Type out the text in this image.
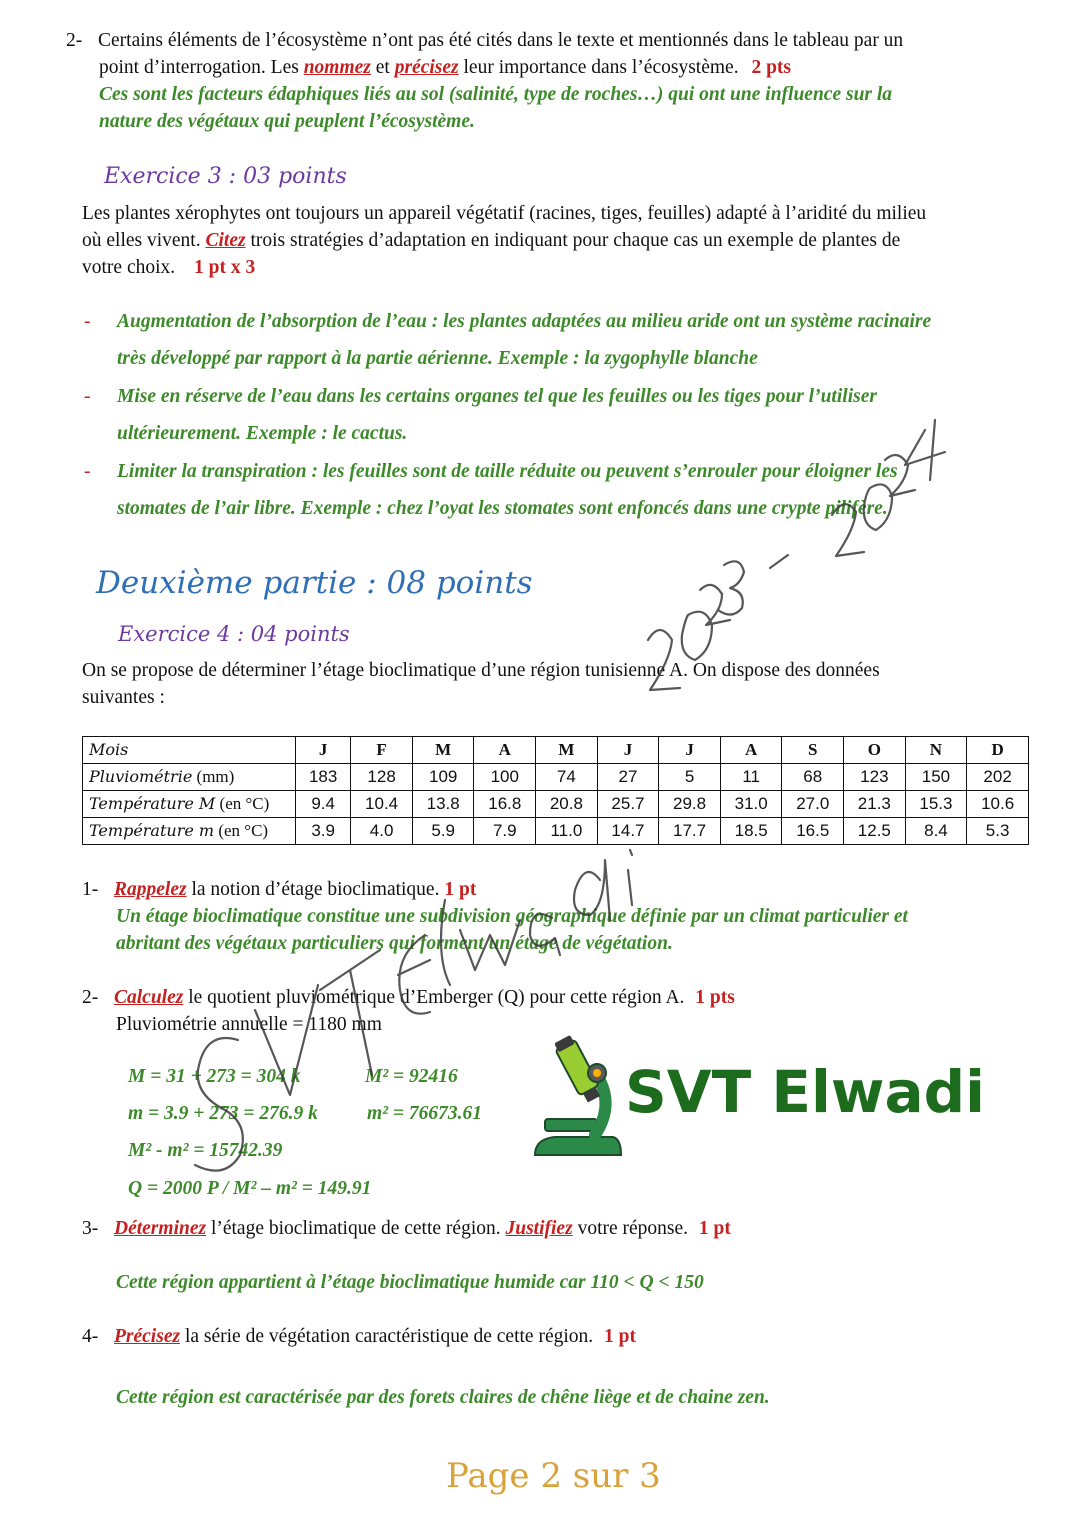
2- Certains éléments de l’écosystème n’ont pas été cités dans le texte et mentionnés dans le tableau par un
point d’interrogation. Les nommez et précisez leur importance dans l’écosystème. 2 pts
Ces sont les facteurs édaphiques liés au sol (salinité, type de roches…) qui ont une influence sur la
nature des végétaux qui peuplent l’écosystème.
Exercice 3 : 03 points
Les plantes xérophytes ont toujours un appareil végétatif (racines, tiges, feuilles) adapté à l’aridité du milieu
où elles vivent. Citez trois stratégies d’adaptation en indiquant pour chaque cas un exemple de plantes de
votre choix. 1 pt x 3
- Augmentation de l’absorption de l’eau : les plantes adaptées au milieu aride ont un système racinaire
très développé par rapport à la partie aérienne. Exemple : la zygophylle blanche
- Mise en réserve de l’eau dans les certains organes tel que les feuilles ou les tiges pour l’utiliser
ultérieurement. Exemple : le cactus.
- Limiter la transpiration : les feuilles sont de taille réduite ou peuvent s’enrouler pour éloigner les
stomates de l’air libre. Exemple : chez l’oyat les stomates sont enfoncés dans une crypte pilifère.
Deuxième partie : 08 points
Exercice 4 : 04 points
On se propose de déterminer l’étage bioclimatique d’une région tunisienne A. On dispose des données
suivantes :
Mois	J	F	M	A	M	J	J	A	S	O	N	D
Pluviométrie (mm)	183	128	109	100	74	27	5	11	68	123	150	202
Température M (en °C)	9.4	10.4	13.8	16.8	20.8	25.7	29.8	31.0	27.0	21.3	15.3	10.6
Température m (en °C)	3.9	4.0	5.9	7.9	11.0	14.7	17.7	18.5	16.5	12.5	8.4	5.3
1- Rappelez la notion d’étage bioclimatique. 1 pt
Un étage bioclimatique constitue une subdivision géographique définie par un climat particulier et
abritant des végétaux particuliers qui forment un étage de végétation.
2- Calculez le quotient pluviométrique d’Emberger (Q) pour cette région A. 1 pts
Pluviométrie annuelle = 1180 mm
M = 31 + 273 = 304 k	M² = 92416
m = 3.9 + 273 = 276.9 k	m² = 76673.61
M² - m² = 15742.39
Q = 2000 P / M² – m² = 149.91
SVT Elwadi
3- Déterminez l’étage bioclimatique de cette région. Justifiez votre réponse. 1 pt
Cette région appartient à l’étage bioclimatique humide car 110 < Q < 150
4- Précisez la série de végétation caractéristique de cette région. 1 pt
Cette région est caractérisée par des forets claires de chêne liège et de chaine zen.
Page 2 sur 3
